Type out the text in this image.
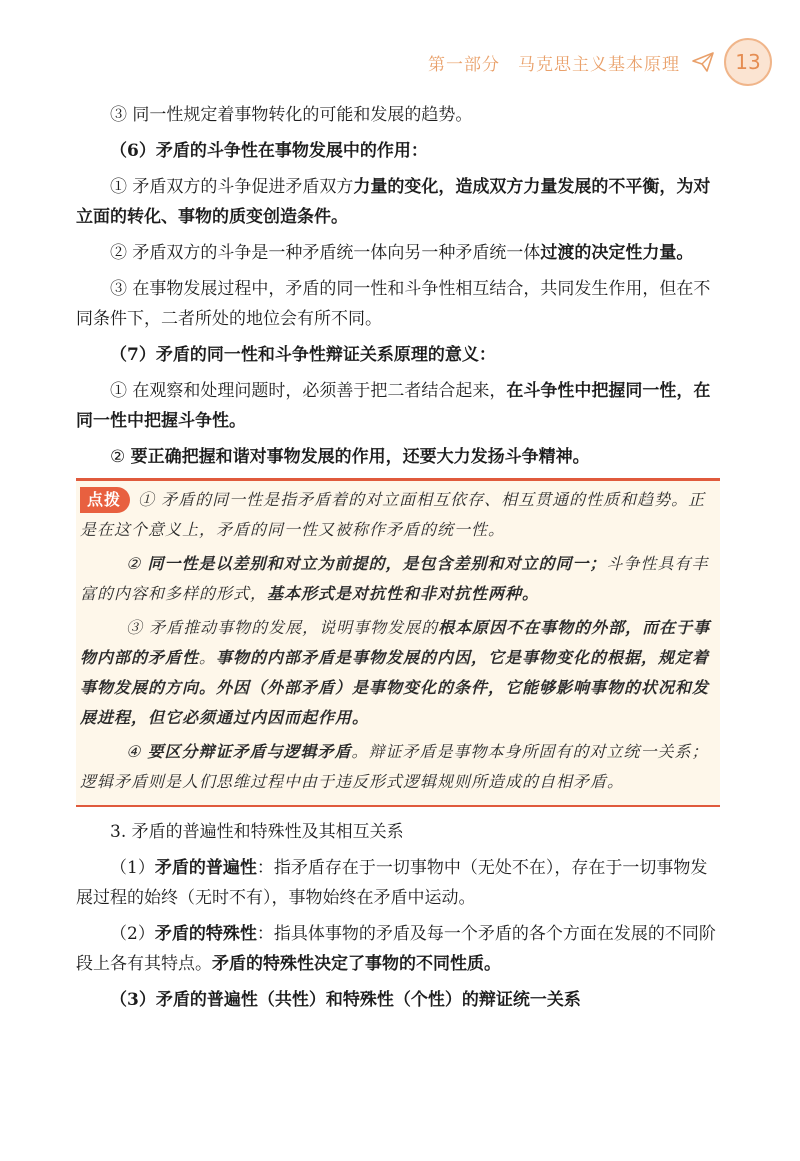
第一部分　马克思主义基本原理	13

③ 同一性规定着事物转化的可能和发展的趋势。

（6）矛盾的斗争性在事物发展中的作用：

① 矛盾双方的斗争促进矛盾双方力量的变化，造成双方力量发展的不平衡，为对立面的转化、事物的质变创造条件。

② 矛盾双方的斗争是一种矛盾统一体向另一种矛盾统一体过渡的决定性力量。

③ 在事物发展过程中，矛盾的同一性和斗争性相互结合，共同发生作用，但在不同条件下，二者所处的地位会有所不同。

（7）矛盾的同一性和斗争性辩证关系原理的意义：

① 在观察和处理问题时，必须善于把二者结合起来，在斗争性中把握同一性，在同一性中把握斗争性。

② 要正确把握和谐对事物发展的作用，还要大力发扬斗争精神。

点拨 ① 矛盾的同一性是指矛盾着的对立面相互依存、相互贯通的性质和趋势。正是在这个意义上，矛盾的同一性又被称作矛盾的统一性。

② 同一性是以差别和对立为前提的，是包含差别和对立的同一；斗争性具有丰富的内容和多样的形式，基本形式是对抗性和非对抗性两种。

③ 矛盾推动事物的发展，说明事物发展的根本原因不在事物的外部，而在于事物内部的矛盾性。事物的内部矛盾是事物发展的内因，它是事物变化的根据，规定着事物发展的方向。外因（外部矛盾）是事物变化的条件，它能够影响事物的状况和发展进程，但它必须通过内因而起作用。

④ 要区分辩证矛盾与逻辑矛盾。辩证矛盾是事物本身所固有的对立统一关系；逻辑矛盾则是人们思维过程中由于违反形式逻辑规则所造成的自相矛盾。

3. 矛盾的普遍性和特殊性及其相互关系

（1）矛盾的普遍性：指矛盾存在于一切事物中（无处不在），存在于一切事物发展过程的始终（无时不有），事物始终在矛盾中运动。

（2）矛盾的特殊性：指具体事物的矛盾及每一个矛盾的各个方面在发展的不同阶段上各有其特点。矛盾的特殊性决定了事物的不同性质。

（3）矛盾的普遍性（共性）和特殊性（个性）的辩证统一关系
